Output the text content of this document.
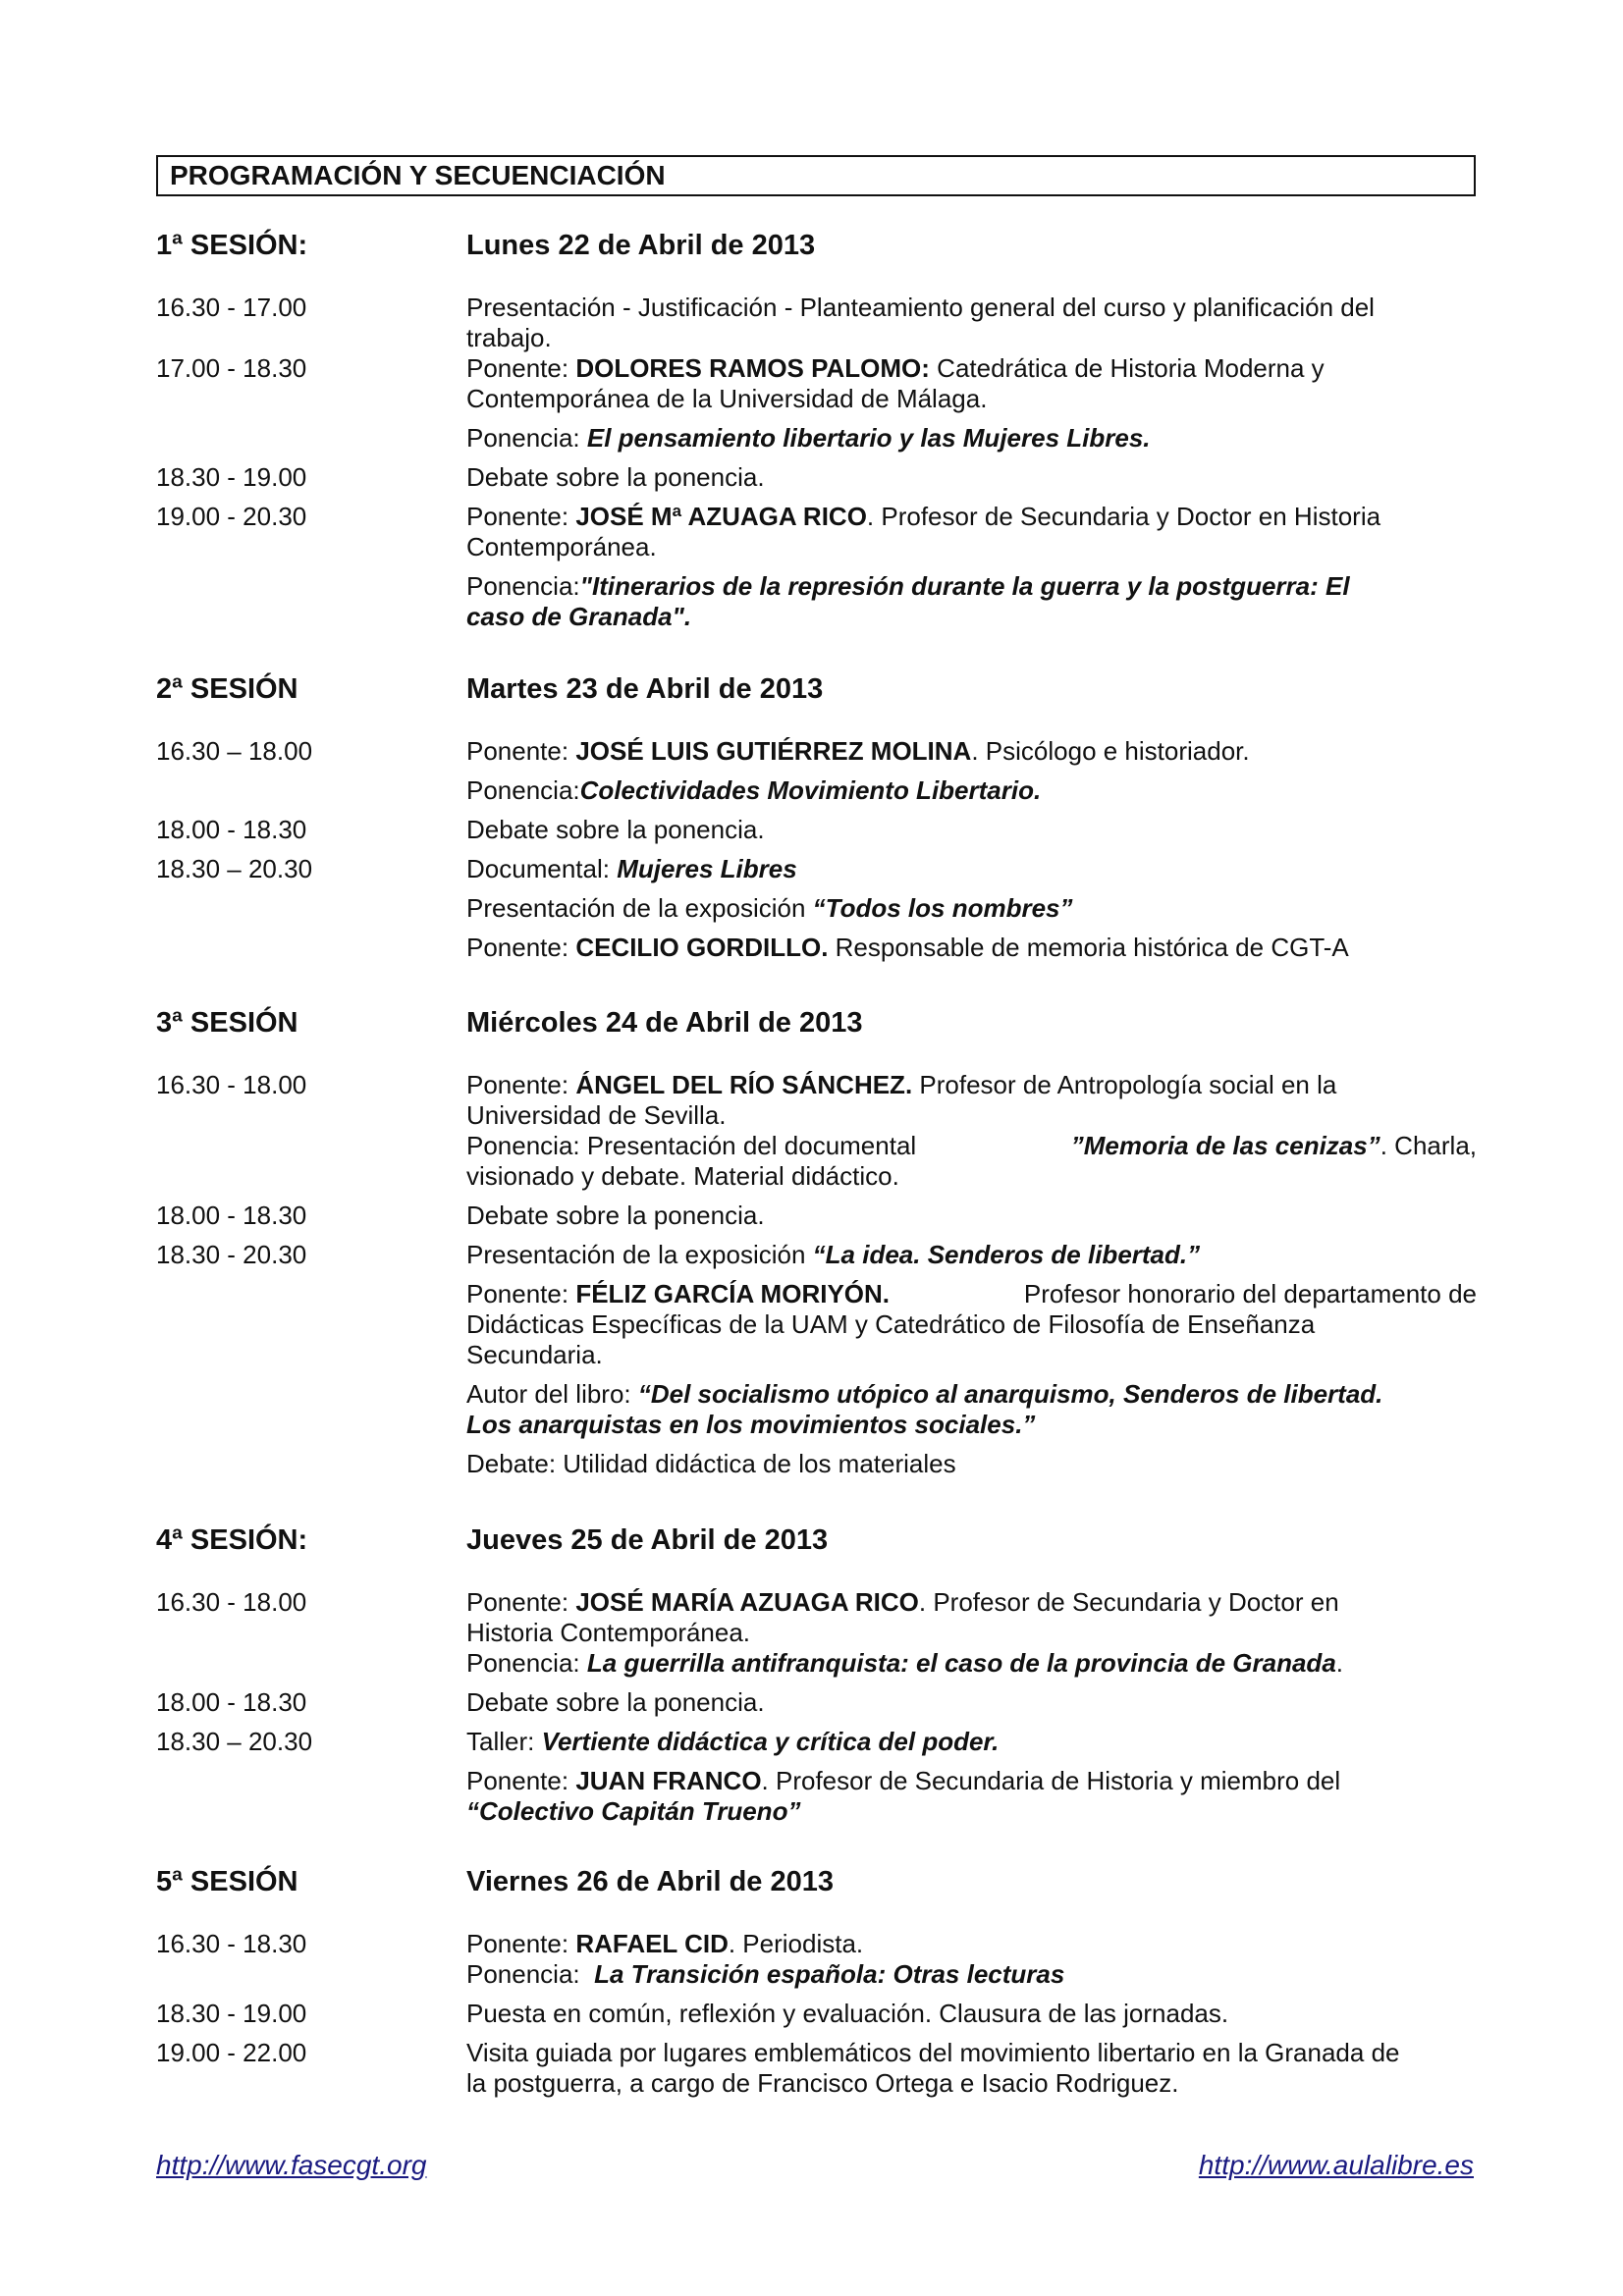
PROGRAMACIÓN Y SECUENCIACIÓN
1ª SESIÓN:	Lunes 22 de Abril de 2013
16.30 - 17.00	Presentación - Justificación - Planteamiento general del curso y planificación del
trabajo.
17.00 - 18.30	Ponente: DOLORES RAMOS PALOMO: Catedrática de Historia Moderna y
Contemporánea de la Universidad de Málaga.
Ponencia: El pensamiento libertario y las Mujeres Libres.
18.30 - 19.00	Debate sobre la ponencia.
19.00 - 20.30	Ponente: JOSÉ Mª AZUAGA RICO. Profesor de Secundaria y Doctor en Historia
Contemporánea.
Ponencia:"Itinerarios de la represión durante la guerra y la postguerra: El
caso de Granada".
2ª SESIÓN	Martes 23 de Abril de 2013
16.30 – 18.00	Ponente: JOSÉ LUIS GUTIÉRREZ MOLINA. Psicólogo e historiador.
Ponencia:Colectividades Movimiento Libertario.
18.00 - 18.30	Debate sobre la ponencia.
18.30 – 20.30	Documental: Mujeres Libres
Presentación de la exposición “Todos los nombres”
Ponente: CECILIO GORDILLO. Responsable de memoria histórica de CGT-A
3ª SESIÓN	Miércoles 24 de Abril de 2013
16.30 - 18.00	Ponente: ÁNGEL DEL RÍO SÁNCHEZ. Profesor de Antropología social en la
Universidad de Sevilla.
Ponencia: Presentación del documental	”Memoria de las cenizas”. Charla,
visionado y debate. Material didáctico.
18.00 - 18.30	Debate sobre la ponencia.
18.30 - 20.30	Presentación de la exposición “La idea. Senderos de libertad.”
Ponente: FÉLIZ GARCÍA MORIYÓN.	Profesor honorario del departamento de
Didácticas Específicas de la UAM y Catedrático de Filosofía de Enseñanza
Secundaria.
Autor del libro: “Del socialismo utópico al anarquismo, Senderos de libertad.
Los anarquistas en los movimientos sociales.”
Debate: Utilidad didáctica de los materiales
4ª SESIÓN:	Jueves 25 de Abril de 2013
16.30 - 18.00	Ponente: JOSÉ MARÍA AZUAGA RICO. Profesor de Secundaria y Doctor en
Historia Contemporánea.
Ponencia: La guerrilla antifranquista: el caso de la provincia de Granada.
18.00 - 18.30	Debate sobre la ponencia.
18.30 – 20.30	Taller: Vertiente didáctica y crítica del poder.
Ponente: JUAN FRANCO. Profesor de Secundaria de Historia y miembro del
“Colectivo Capitán Trueno”
5ª SESIÓN	Viernes 26 de Abril de 2013
16.30 - 18.30	Ponente: RAFAEL CID. Periodista.
Ponencia:  La Transición española: Otras lecturas
18.30 - 19.00	Puesta en común, reflexión y evaluación. Clausura de las jornadas.
19.00 - 22.00	Visita guiada por lugares emblemáticos del movimiento libertario en la Granada de
la postguerra, a cargo de Francisco Ortega e Isacio Rodriguez.
http://www.fasecgt.org	http://www.aulalibre.es
